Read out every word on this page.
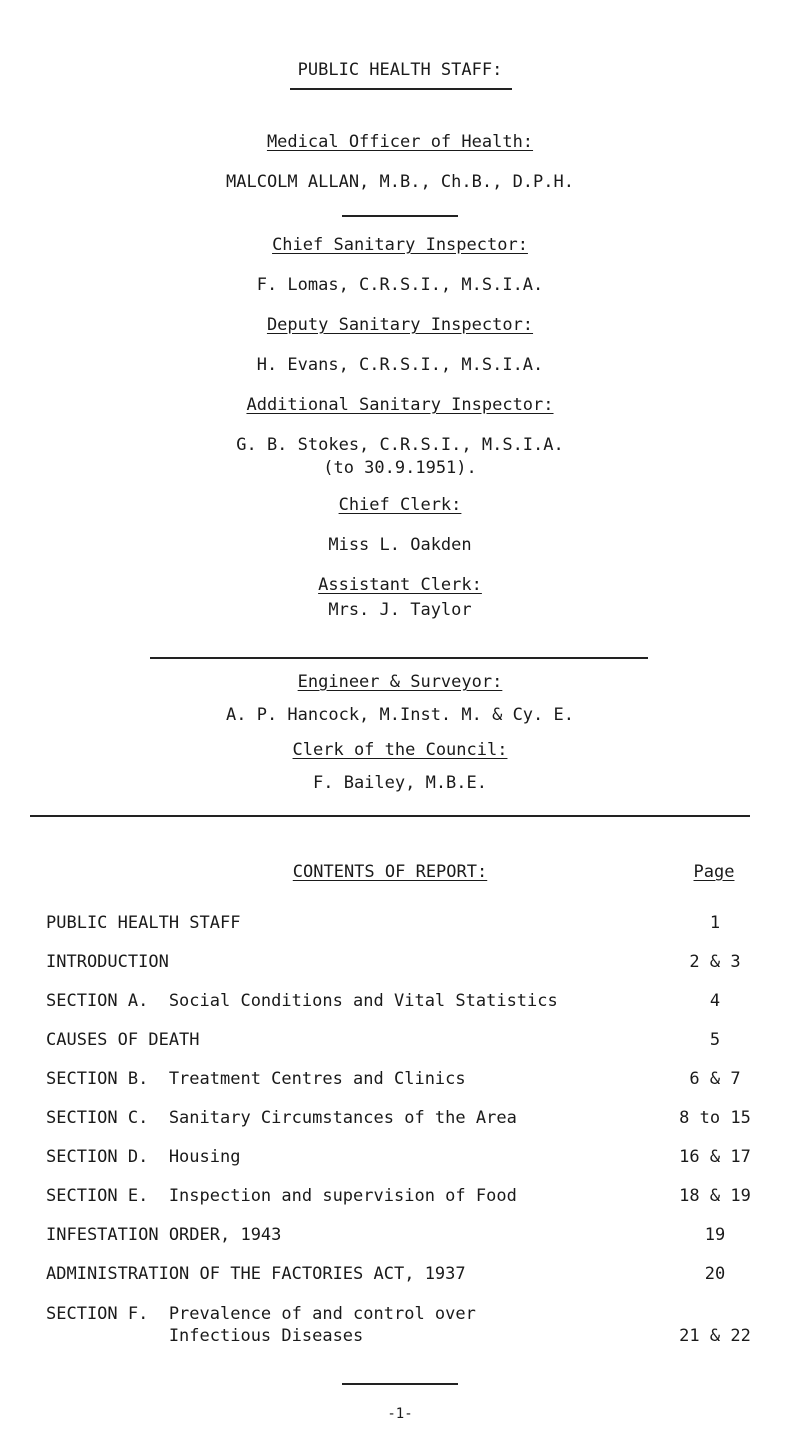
PUBLIC HEALTH STAFF:
Medical Officer of Health:
MALCOLM ALLAN, M.B., Ch.B., D.P.H.
Chief Sanitary Inspector:
F. Lomas, C.R.S.I., M.S.I.A.
Deputy Sanitary Inspector:
H. Evans, C.R.S.I., M.S.I.A.
Additional Sanitary Inspector:
G. B. Stokes, C.R.S.I., M.S.I.A.
(to 30.9.1951).
Chief Clerk:
Miss L. Oakden
Assistant Clerk:
Mrs. J. Taylor
Engineer & Surveyor:
A. P. Hancock, M.Inst. M. & Cy. E.
Clerk of the Council:
F. Bailey, M.B.E.
CONTENTS OF REPORT:	Page
PUBLIC HEALTH STAFF	1
INTRODUCTION	2 & 3
SECTION A.  Social Conditions and Vital Statistics	4
CAUSES OF DEATH	5
SECTION B.  Treatment Centres and Clinics	6 & 7
SECTION C.  Sanitary Circumstances of the Area	8 to 15
SECTION D.  Housing	16 & 17
SECTION E.  Inspection and supervision of Food	18 & 19
INFESTATION ORDER, 1943	19
ADMINISTRATION OF THE FACTORIES ACT, 1937	20
SECTION F.  Prevalence of and control over
Infectious Diseases	21 & 22
-1-
